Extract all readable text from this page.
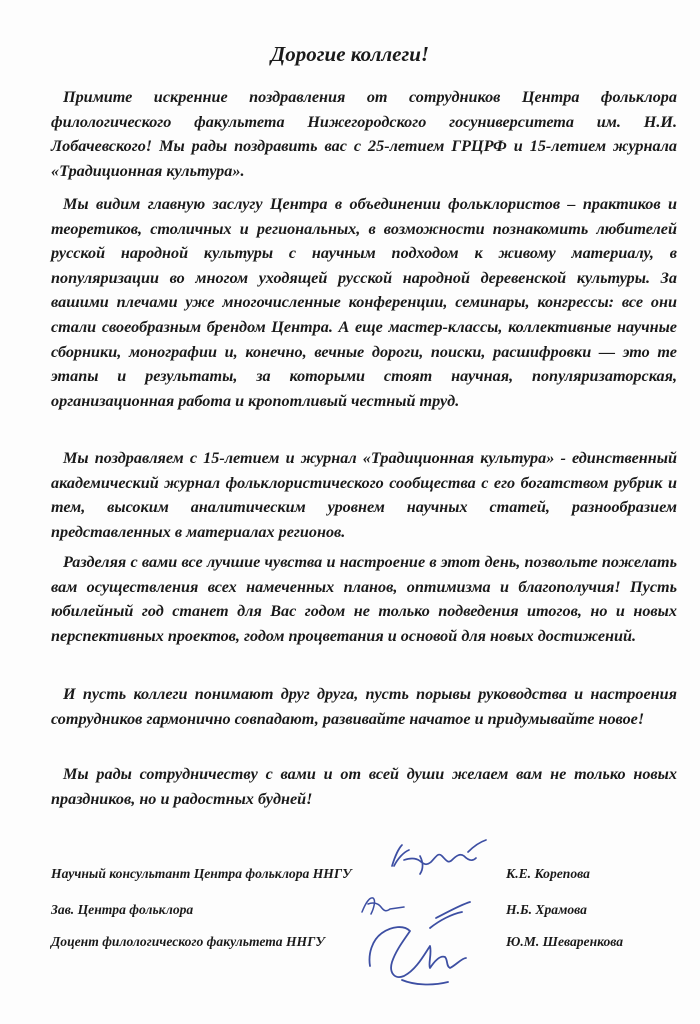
Дорогие коллеги!

Примите искренние поздравления от сотрудников Центра фольклора филологического факультета Нижегородского госуниверситета им. Н.И. Лобачевского! Мы рады поздравить вас с 25-летием ГРЦРФ и 15-летием журнала «Традиционная культура».

Мы видим главную заслугу Центра в объединении фольклористов – практиков и теоретиков, столичных и региональных, в возможности познакомить любителей русской народной культуры с научным подходом к живому материалу, в популяризации во многом уходящей русской народной деревенской культуры. За вашими плечами уже многочисленные конференции, семинары, конгрессы: все они стали своеобразным брендом Центра. А еще мастер-классы, коллективные научные сборники, монографии и, конечно, вечные дороги, поиски, расшифровки — это те этапы и результаты, за которыми стоят научная, популяризаторская, организационная работа и кропотливый честный труд.

Мы поздравляем с 15-летием и журнал «Традиционная культура» - единственный академический журнал фольклористического сообщества с его богатством рубрик и тем, высоким аналитическим уровнем научных статей, разнообразием представленных в материалах регионов.

Разделяя с вами все лучшие чувства и настроение в этот день, позвольте пожелать вам осуществления всех намеченных планов, оптимизма и благополучия! Пусть юбилейный год станет для Вас годом не только подведения итогов, но и новых перспективных проектов, годом процветания и основой для новых достижений.

И пусть коллеги понимают друг друга, пусть порывы руководства и настроения сотрудников гармонично совпадают, развивайте начатое и придумывайте новое!

Мы рады сотрудничеству с вами и от всей души желаем вам не только новых праздников, но и радостных будней!

Научный консультант Центра фольклора ННГУ	К.Е. Корепова
Зав. Центра фольклора	Н.Б. Храмова
Доцент филологического факультета ННГУ	Ю.М. Шеваренкова
